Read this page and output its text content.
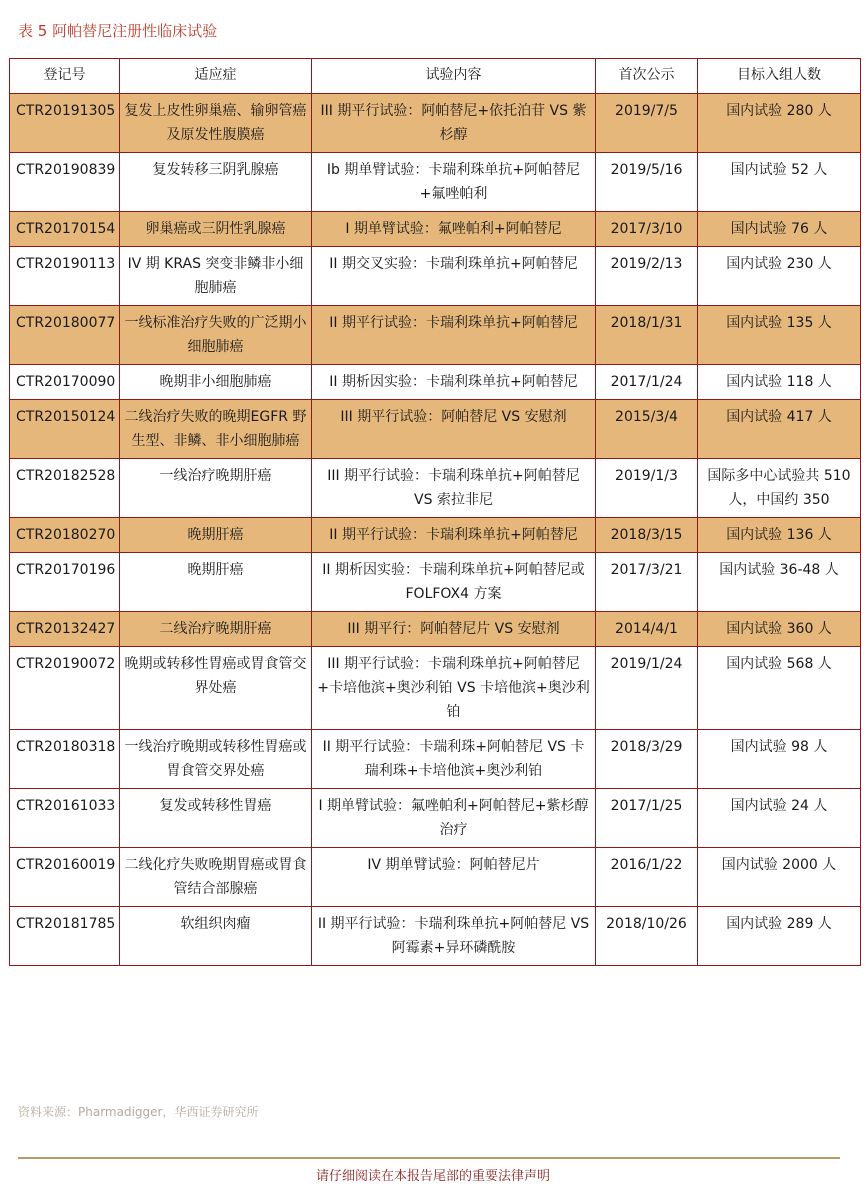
表 5 阿帕替尼注册性临床试验
登记号	适应症	试验内容	首次公示	目标入组人数
CTR20191305	复发上皮性卵巢癌、输卵管癌及原发性腹膜癌	III 期平行试验：阿帕替尼+依托泊苷 VS 紫杉醇	2019/7/5	国内试验 280 人
CTR20190839	复发转移三阴乳腺癌	Ib 期单臂试验：卡瑞利珠单抗+阿帕替尼+氟唑帕利	2019/5/16	国内试验 52 人
CTR20170154	卵巢癌或三阴性乳腺癌	I 期单臂试验：氟唑帕利+阿帕替尼	2017/3/10	国内试验 76 人
CTR20190113	IV 期 KRAS 突变非鳞非小细胞肺癌	II 期交叉实验：卡瑞利珠单抗+阿帕替尼	2019/2/13	国内试验 230 人
CTR20180077	一线标准治疗失败的广泛期小细胞肺癌	II 期平行试验：卡瑞利珠单抗+阿帕替尼	2018/1/31	国内试验 135 人
CTR20170090	晚期非小细胞肺癌	II 期析因实验：卡瑞利珠单抗+阿帕替尼	2017/1/24	国内试验 118 人
CTR20150124	二线治疗失败的晚期EGFR 野生型、非鳞、非小细胞肺癌	III 期平行试验：阿帕替尼 VS 安慰剂	2015/3/4	国内试验 417 人
CTR20182528	一线治疗晚期肝癌	III 期平行试验：卡瑞利珠单抗+阿帕替尼 VS 索拉非尼	2019/1/3	国际多中心试验共 510 人，中国约 350
CTR20180270	晚期肝癌	II 期平行试验：卡瑞利珠单抗+阿帕替尼	2018/3/15	国内试验 136 人
CTR20170196	晚期肝癌	II 期析因实验：卡瑞利珠单抗+阿帕替尼或 FOLFOX4 方案	2017/3/21	国内试验 36-48 人
CTR20132427	二线治疗晚期肝癌	III 期平行：阿帕替尼片 VS 安慰剂	2014/4/1	国内试验 360 人
CTR20190072	晚期或转移性胃癌或胃食管交界处癌	III 期平行试验：卡瑞利珠单抗+阿帕替尼+卡培他滨+奥沙利铂 VS 卡培他滨+奥沙利铂	2019/1/24	国内试验 568 人
CTR20180318	一线治疗晚期或转移性胃癌或胃食管交界处癌	II 期平行试验：卡瑞利珠+阿帕替尼 VS 卡瑞利珠+卡培他滨+奥沙利铂	2018/3/29	国内试验 98 人
CTR20161033	复发或转移性胃癌	I 期单臂试验：氟唑帕利+阿帕替尼+紫杉醇治疗	2017/1/25	国内试验 24 人
CTR20160019	二线化疗失败晚期胃癌或胃食管结合部腺癌	IV 期单臂试验：阿帕替尼片	2016/1/22	国内试验 2000 人
CTR20181785	软组织肉瘤	II 期平行试验：卡瑞利珠单抗+阿帕替尼 VS 阿霉素+异环磷酰胺	2018/10/26	国内试验 289 人
资料来源：Pharmadigger，华西证券研究所
请仔细阅读在本报告尾部的重要法律声明
